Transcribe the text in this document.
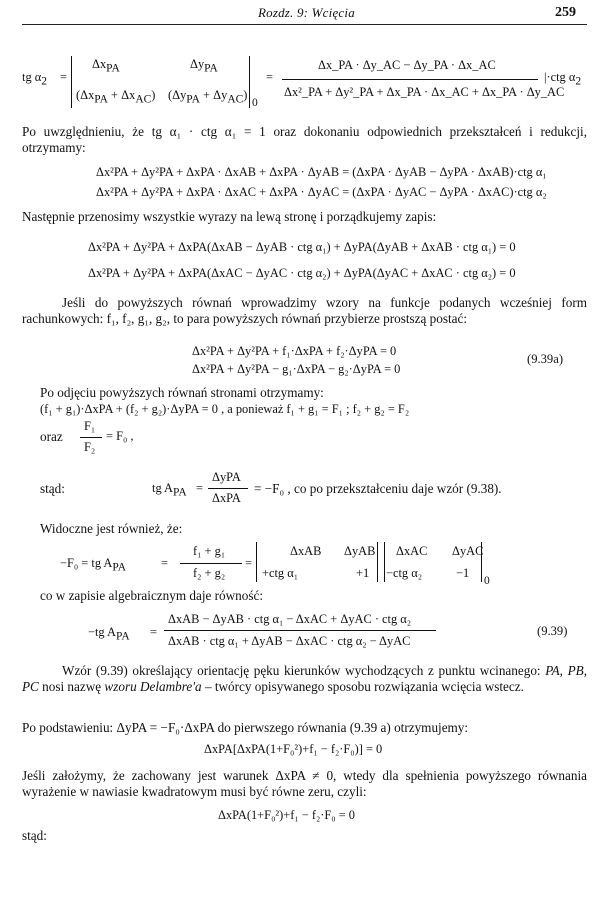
Rozdz. 9: Wcięcia	259
tg $\alpha_2$ =
$\Delta x_{PA}$	$\Delta y_{PA}$
$(\Delta x_{PA} + \Delta x_{AC}) (\Delta y_{PA} + \Delta y_{AC})$
0
=
Δx_PA · Δy_AC − Δy_PA · Δx_AC
Δx²_PA + Δy²_PA + Δx_PA · Δx_AC + Δx_PA · Δy_AC
|·ctg $\alpha_2$
Po uwzględnieniu, że tg α₁ · ctg α₁ = 1 oraz dokonaniu odpowiednich przekształceń i redukcji, otrzymamy:
Δx²PA + Δy²PA + ΔxPA · ΔxAB + ΔxPA · ΔyAB = (ΔxPA · ΔyAB − ΔyPA · ΔxAB)·ctg α₁
Δx²PA + Δy²PA + ΔxPA · ΔxAC + ΔxPA · ΔyAC = (ΔxPA · ΔyAC − ΔyPA · ΔxAC)·ctg α₂
Następnie przenosimy wszystkie wyrazy na lewą stronę i porządkujemy zapis:
Δx²PA + Δy²PA + ΔxPA(ΔxAB − ΔyAB · ctg α₁) + ΔyPA(ΔyAB + ΔxAB · ctg α₁) = 0
Δx²PA + Δy²PA + ΔxPA(ΔxAC − ΔyAC · ctg α₂) + ΔyPA(ΔyAC + ΔxAC · ctg α₂) = 0
Jeśli do powyższych równań wprowadzimy wzory na funkcje podanych wcześniej form rachunkowych: f₁, f₂, g₁, g₂, to para powyższych równań przybierze prostszą postać:
Δx²PA + Δy²PA + f₁·ΔxPA + f₂·ΔyPA = 0
Δx²PA + Δy²PA − g₁·ΔxPA − g₂·ΔyPA = 0
(9.39a)
Po odjęciu powyższych równań stronami otrzymamy:
(f₁ + g₁)·ΔxPA + (f₂ + g₂)·ΔyPA = 0 , a ponieważ f₁ + g₁ = F₁ ; f₂ + g₂ = F₂
oraz
F₁
F₂
= F₀ ,
stąd:	tg $A_{PA}$ =
ΔyPA
ΔxPA
= −F₀ , co po przekształceniu daje wzór (9.38).
Widoczne jest również, że:
−F₀ = tg $A_{PA}$	=
f₁ + g₁
f₂ + g₂
=
ΔxAB ΔyAB
+ctg α₁	+1
ΔxAC ΔyAC
−ctg α₂	−1
0
co w zapisie algebraicznym daje równość:
−tg $A_{PA}$ =
ΔxAB − ΔyAB · ctg α₁ − ΔxAC + ΔyAC · ctg α₂
ΔxAB · ctg α₁ + ΔyAB − ΔxAC · ctg α₂ − ΔyAC
(9.39)
Wzór (9.39) określający orientację pęku kierunków wychodzących z punktu wcinanego: PA, PB, PC nosi nazwę wzoru Delambre'a – twórcy opisywanego sposobu rozwiązania wcięcia wstecz.
Po podstawieniu: ΔyPA = −F₀·ΔxPA do pierwszego równania (9.39 a) otrzymujemy:
ΔxPA[ΔxPA(1+F₀²)+f₁ − f₂·F₀)] = 0
Jeśli założymy, że zachowany jest warunek ΔxPA ≠ 0, wtedy dla spełnienia powyższego równania wyrażenie w nawiasie kwadratowym musi być równe zeru, czyli:
ΔxPA(1+F₀²)+f₁ − f₂·F₀ = 0
stąd:
